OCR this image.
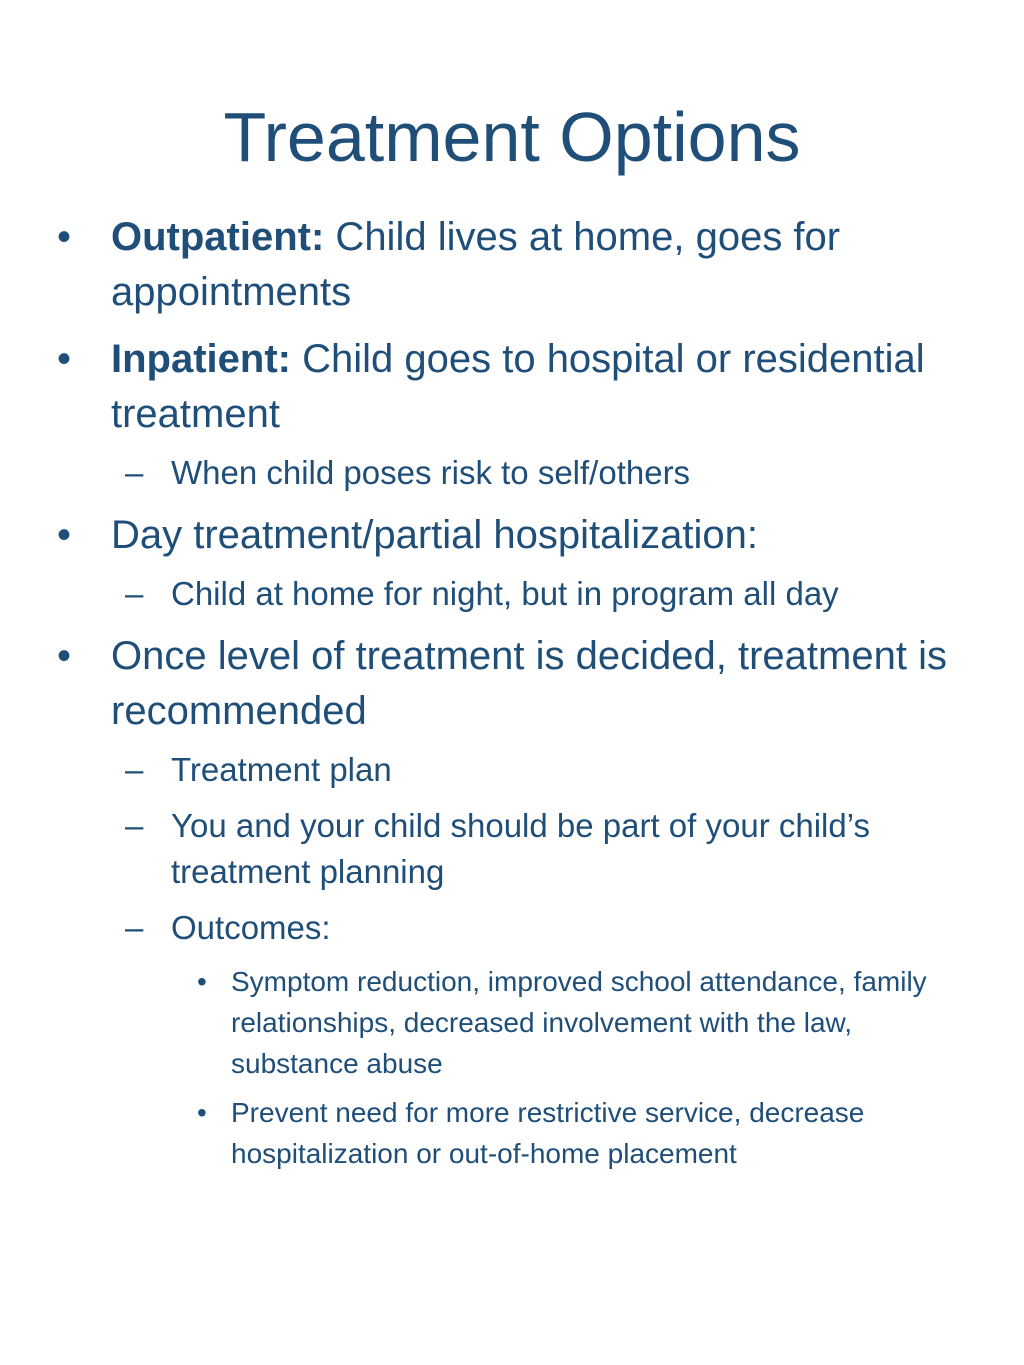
Treatment Options
• Outpatient: Child lives at home, goes for appointments
• Inpatient: Child goes to hospital or residential treatment
– When child poses risk to self/others
• Day treatment/partial hospitalization:
– Child at home for night, but in program all day
• Once level of treatment is decided, treatment is recommended
– Treatment plan
– You and your child should be part of your child’s treatment planning
– Outcomes:
• Symptom reduction, improved school attendance, family relationships, decreased involvement with the law, substance abuse
• Prevent need for more restrictive service, decrease hospitalization or out-of-home placement
